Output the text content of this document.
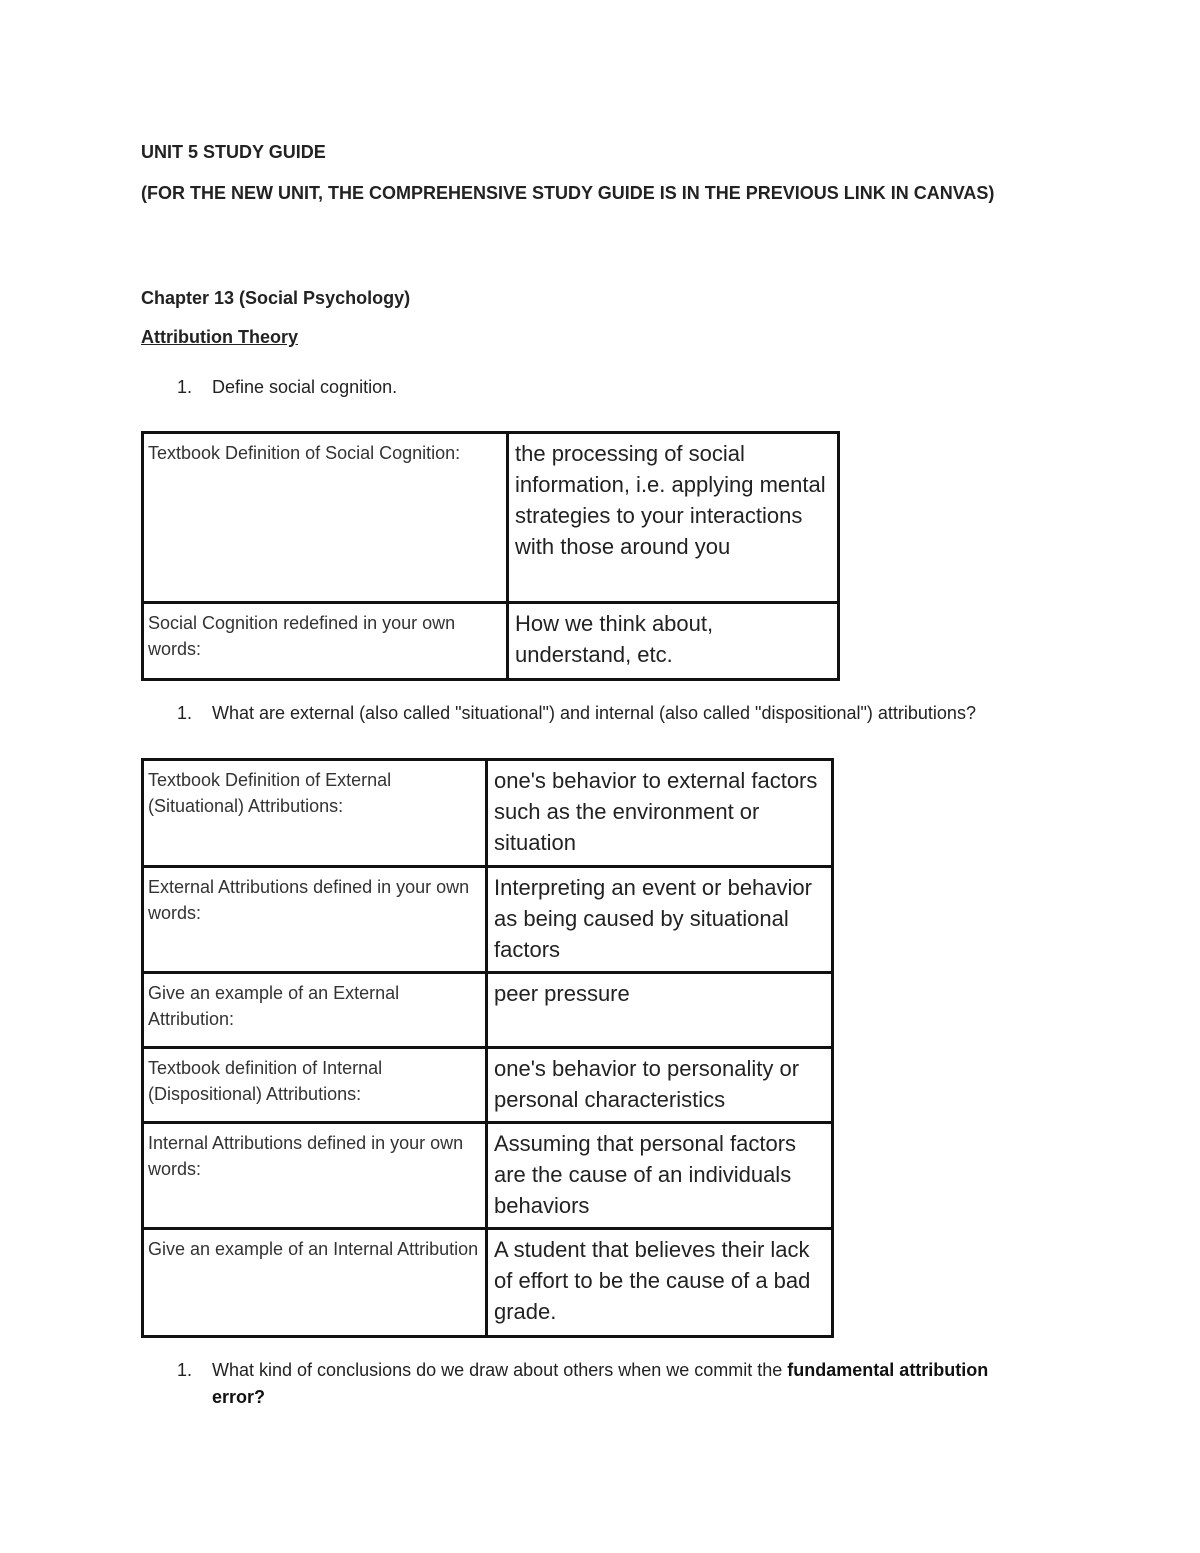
UNIT 5 STUDY GUIDE
(FOR THE NEW UNIT, THE COMPREHENSIVE STUDY GUIDE IS IN THE PREVIOUS LINK IN CANVAS)
Chapter 13 (Social Psychology)
Attribution Theory
1. Define social cognition.
Textbook Definition of Social Cognition:	the processing of social information, i.e. applying mental strategies to your interactions with those around you

Social Cognition redefined in your own words:	How we think about, understand, etc.
1. What are external (also called "situational") and internal (also called "dispositional") attributions?
Textbook Definition of External (Situational) Attributions:	one's behavior to external factors such as the environment or situation

External Attributions defined in your own words:	Interpreting an event or behavior as being caused by situational factors

Give an example of an External Attribution:	peer pressure

Textbook definition of Internal (Dispositional) Attributions:	one's behavior to personality or personal characteristics

Internal Attributions defined in your own words:	Assuming that personal factors are the cause of an individuals behaviors

Give an example of an Internal Attribution	A student that believes their lack of effort to be the cause of a bad grade.
1. What kind of conclusions do we draw about others when we commit the fundamental attribution
error?
